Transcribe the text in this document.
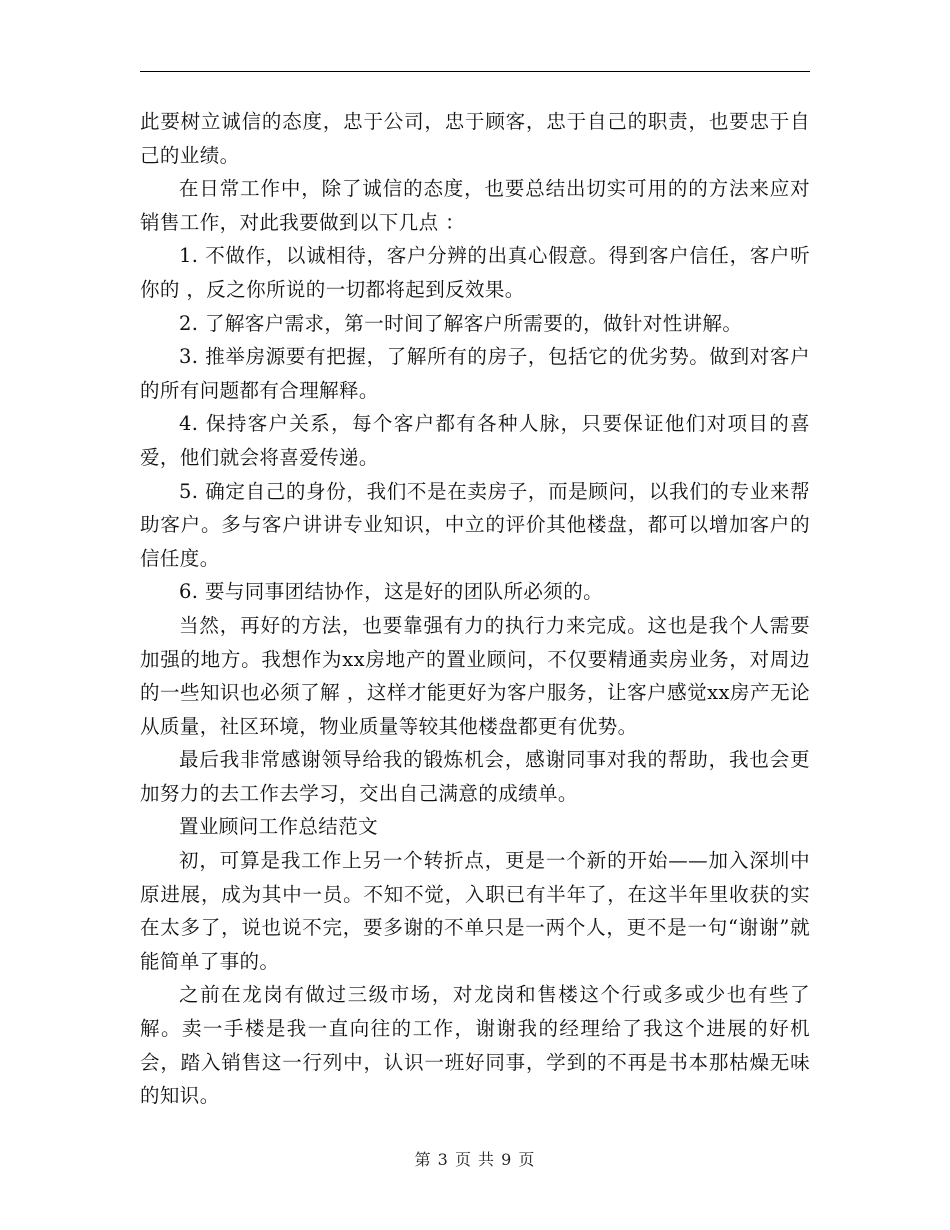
此要树立诚信的态度，忠于公司，忠于顾客，忠于自己的职责，也要忠于自己的业绩。

在日常工作中，除了诚信的态度，也要总结出切实可用的的方法来应对销售工作，对此我要做到以下几点 ：

1. 不做作，以诚相待，客户分辨的出真心假意。得到客户信任，客户听你的 ，反之你所说的一切都将起到反效果。

2. 了解客户需求，第一时间了解客户所需要的，做针对性讲解。

3. 推举房源要有把握，了解所有的房子，包括它的优劣势。做到对客户的所有问题都有合理解释。

4. 保持客户关系，每个客户都有各种人脉，只要保证他们对项目的喜爱，他们就会将喜爱传递。

5. 确定自己的身份，我们不是在卖房子，而是顾问，以我们的专业来帮助客户。多与客户讲讲专业知识，中立的评价其他楼盘，都可以增加客户的信任度。

6. 要与同事团结协作，这是好的团队所必须的。

当然，再好的方法，也要靠强有力的执行力来完成。这也是我个人需要加强的地方。我想作为xx房地产的置业顾问，不仅要精通卖房业务，对周边的一些知识也必须了解 ，这样才能更好为客户服务，让客户感觉xx房产无论从质量，社区环境，物业质量等较其他楼盘都更有优势。

最后我非常感谢领导给我的锻炼机会，感谢同事对我的帮助，我也会更加努力的去工作去学习，交出自己满意的成绩单。

置业顾问工作总结范文

初，可算是我工作上另一个转折点，更是一个新的开始——加入深圳中原进展，成为其中一员。不知不觉，入职已有半年了，在这半年里收获的实在太多了，说也说不完，要多谢的不单只是一两个人，更不是一句“谢谢”就能简单了事的。

之前在龙岗有做过三级市场，对龙岗和售楼这个行或多或少也有些了解。卖一手楼是我一直向往的工作，谢谢我的经理给了我这个进展的好机会，踏入销售这一行列中，认识一班好同事，学到的不再是书本那枯燥无味的知识。

第 3 页 共 9 页
